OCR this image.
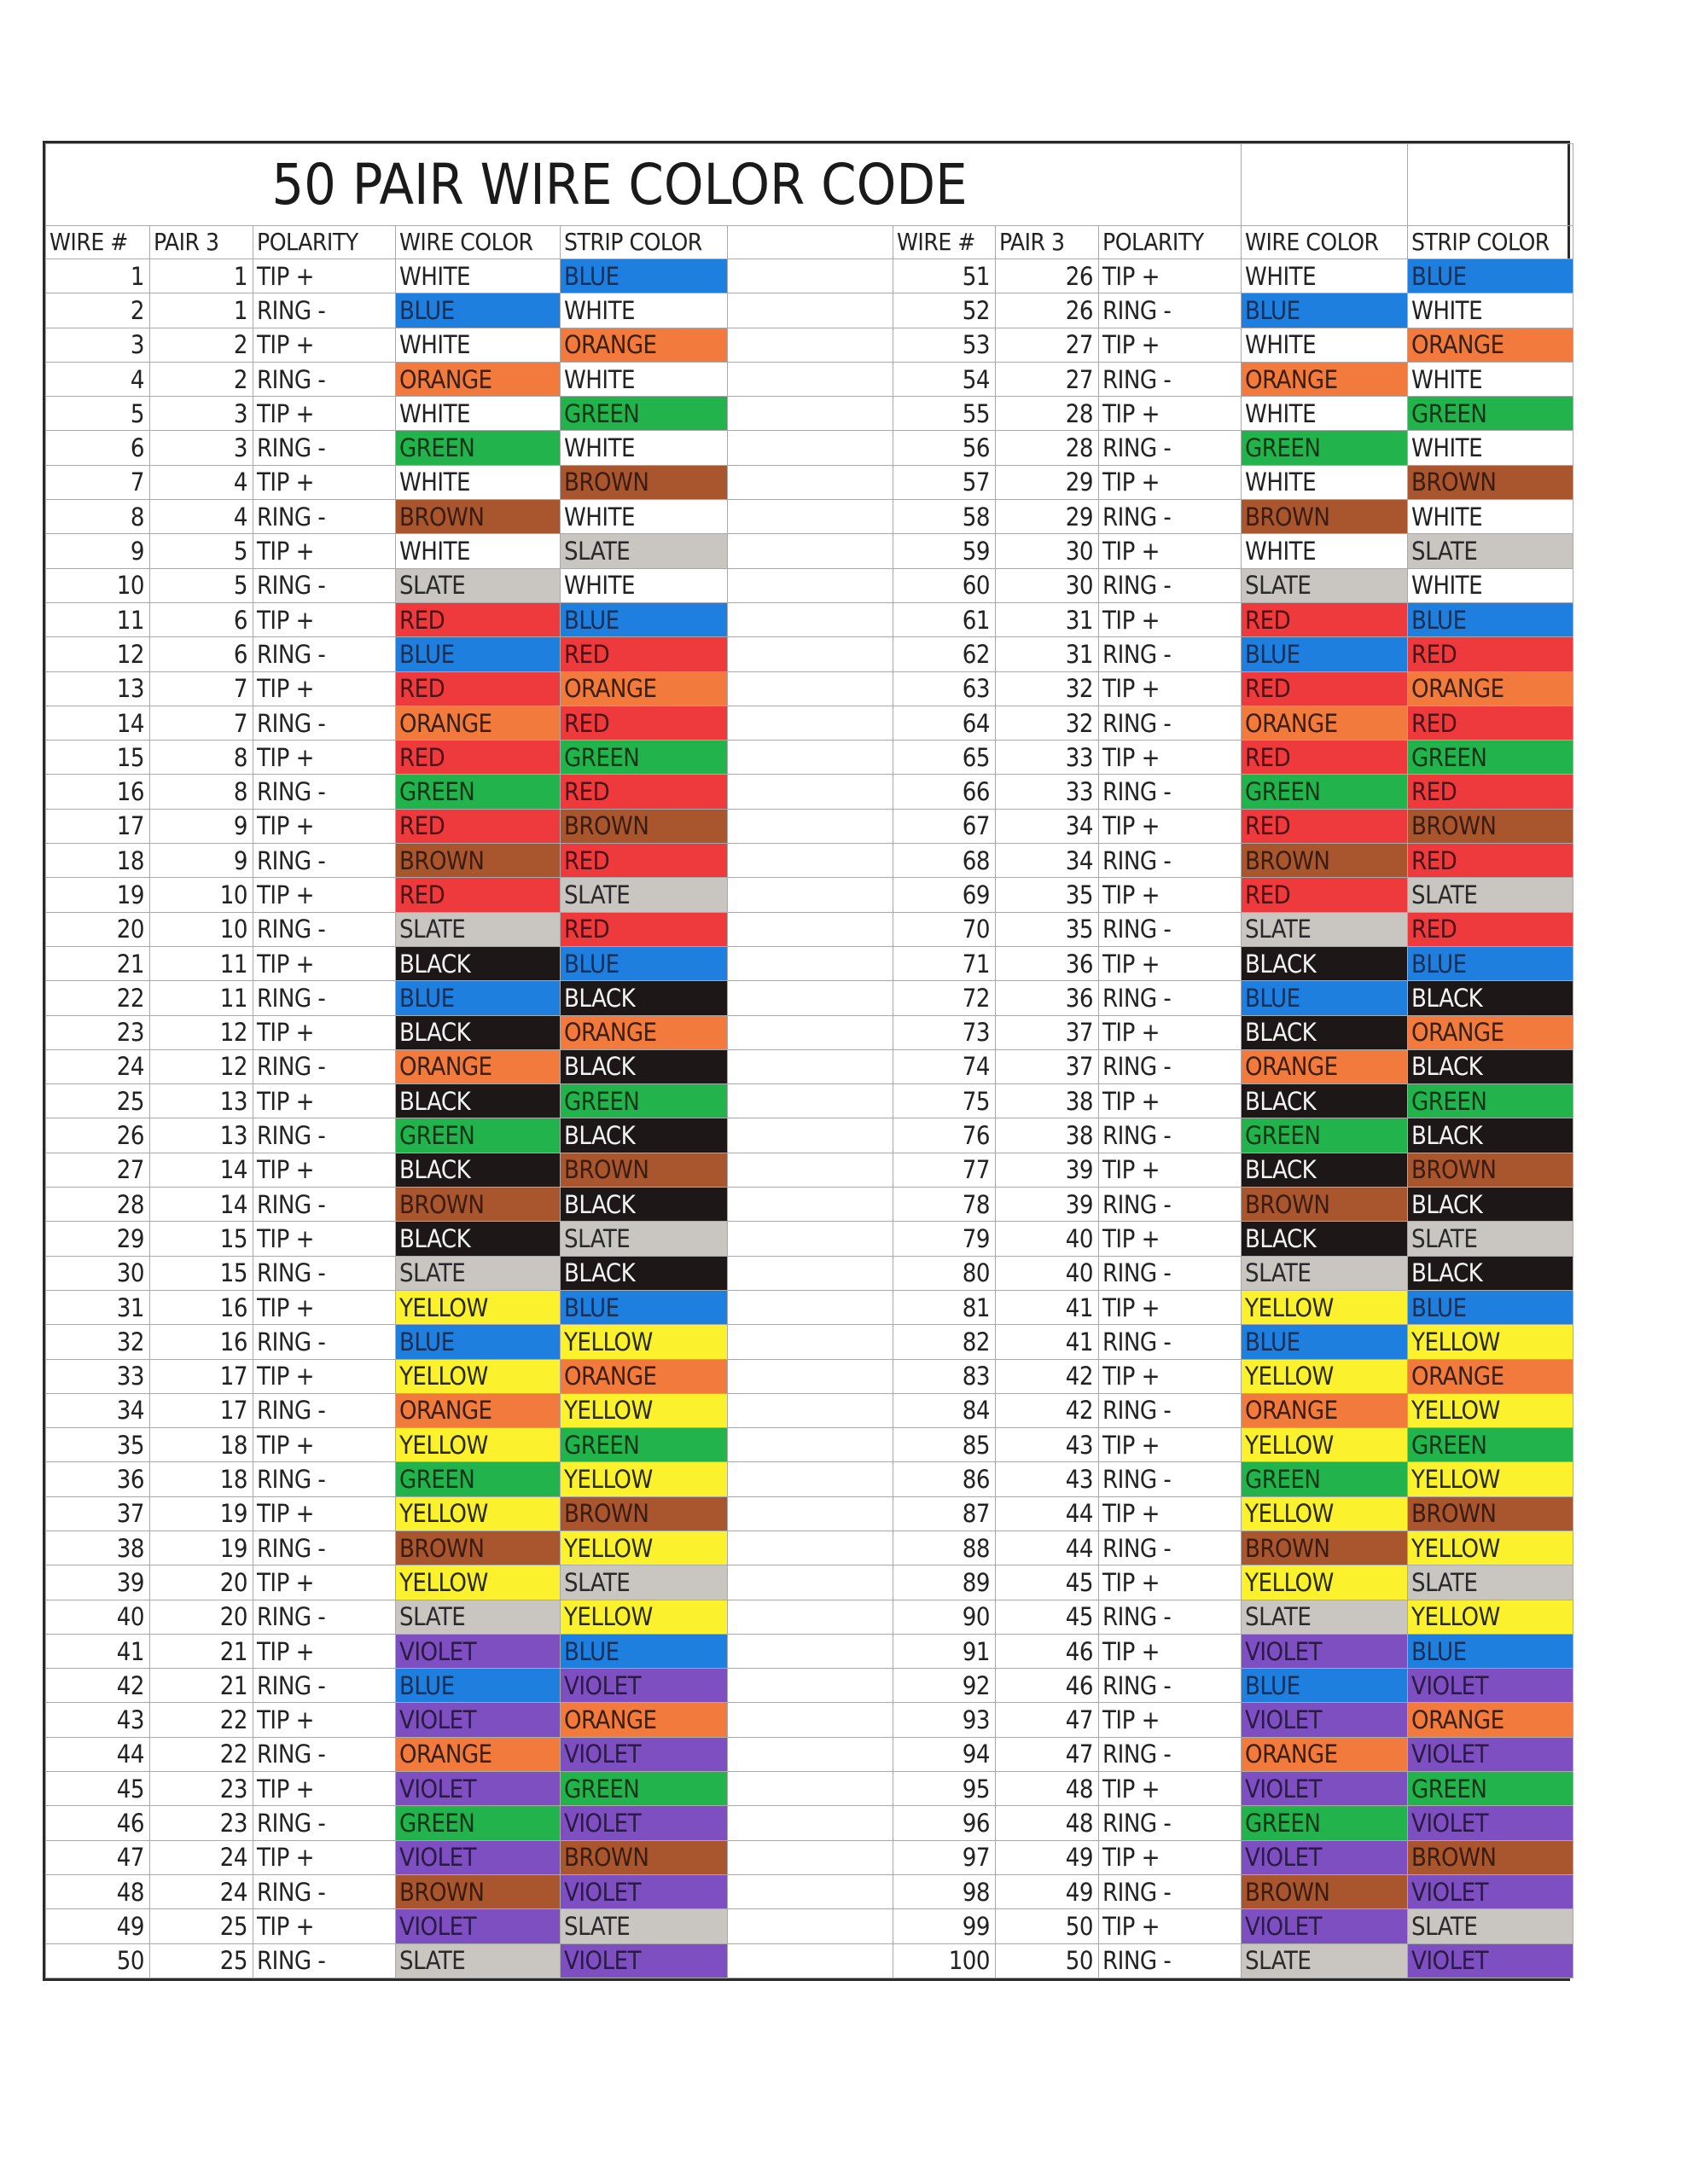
50 PAIR WIRE COLOR CODE										
WIRE #	PAIR 3	POLARITY	WIRE COLOR	STRIP COLOR		WIRE #	PAIR 3	POLARITY	WIRE COLOR	STRIP COLOR
1	1	TIP +	WHITE	BLUE		51	26	TIP +	WHITE	BLUE
2	1	RING -	BLUE	WHITE		52	26	RING -	BLUE	WHITE
3	2	TIP +	WHITE	ORANGE		53	27	TIP +	WHITE	ORANGE
4	2	RING -	ORANGE	WHITE		54	27	RING -	ORANGE	WHITE
5	3	TIP +	WHITE	GREEN		55	28	TIP +	WHITE	GREEN
6	3	RING -	GREEN	WHITE		56	28	RING -	GREEN	WHITE
7	4	TIP +	WHITE	BROWN		57	29	TIP +	WHITE	BROWN
8	4	RING -	BROWN	WHITE		58	29	RING -	BROWN	WHITE
9	5	TIP +	WHITE	SLATE		59	30	TIP +	WHITE	SLATE
10	5	RING -	SLATE	WHITE		60	30	RING -	SLATE	WHITE
11	6	TIP +	RED	BLUE		61	31	TIP +	RED	BLUE
12	6	RING -	BLUE	RED		62	31	RING -	BLUE	RED
13	7	TIP +	RED	ORANGE		63	32	TIP +	RED	ORANGE
14	7	RING -	ORANGE	RED		64	32	RING -	ORANGE	RED
15	8	TIP +	RED	GREEN		65	33	TIP +	RED	GREEN
16	8	RING -	GREEN	RED		66	33	RING -	GREEN	RED
17	9	TIP +	RED	BROWN		67	34	TIP +	RED	BROWN
18	9	RING -	BROWN	RED		68	34	RING -	BROWN	RED
19	10	TIP +	RED	SLATE		69	35	TIP +	RED	SLATE
20	10	RING -	SLATE	RED		70	35	RING -	SLATE	RED
21	11	TIP +	BLACK	BLUE		71	36	TIP +	BLACK	BLUE
22	11	RING -	BLUE	BLACK		72	36	RING -	BLUE	BLACK
23	12	TIP +	BLACK	ORANGE		73	37	TIP +	BLACK	ORANGE
24	12	RING -	ORANGE	BLACK		74	37	RING -	ORANGE	BLACK
25	13	TIP +	BLACK	GREEN		75	38	TIP +	BLACK	GREEN
26	13	RING -	GREEN	BLACK		76	38	RING -	GREEN	BLACK
27	14	TIP +	BLACK	BROWN		77	39	TIP +	BLACK	BROWN
28	14	RING -	BROWN	BLACK		78	39	RING -	BROWN	BLACK
29	15	TIP +	BLACK	SLATE		79	40	TIP +	BLACK	SLATE
30	15	RING -	SLATE	BLACK		80	40	RING -	SLATE	BLACK
31	16	TIP +	YELLOW	BLUE		81	41	TIP +	YELLOW	BLUE
32	16	RING -	BLUE	YELLOW		82	41	RING -	BLUE	YELLOW
33	17	TIP +	YELLOW	ORANGE		83	42	TIP +	YELLOW	ORANGE
34	17	RING -	ORANGE	YELLOW		84	42	RING -	ORANGE	YELLOW
35	18	TIP +	YELLOW	GREEN		85	43	TIP +	YELLOW	GREEN
36	18	RING -	GREEN	YELLOW		86	43	RING -	GREEN	YELLOW
37	19	TIP +	YELLOW	BROWN		87	44	TIP +	YELLOW	BROWN
38	19	RING -	BROWN	YELLOW		88	44	RING -	BROWN	YELLOW
39	20	TIP +	YELLOW	SLATE		89	45	TIP +	YELLOW	SLATE
40	20	RING -	SLATE	YELLOW		90	45	RING -	SLATE	YELLOW
41	21	TIP +	VIOLET	BLUE		91	46	TIP +	VIOLET	BLUE
42	21	RING -	BLUE	VIOLET		92	46	RING -	BLUE	VIOLET
43	22	TIP +	VIOLET	ORANGE		93	47	TIP +	VIOLET	ORANGE
44	22	RING -	ORANGE	VIOLET		94	47	RING -	ORANGE	VIOLET
45	23	TIP +	VIOLET	GREEN		95	48	TIP +	VIOLET	GREEN
46	23	RING -	GREEN	VIOLET		96	48	RING -	GREEN	VIOLET
47	24	TIP +	VIOLET	BROWN		97	49	TIP +	VIOLET	BROWN
48	24	RING -	BROWN	VIOLET		98	49	RING -	BROWN	VIOLET
49	25	TIP +	VIOLET	SLATE		99	50	TIP +	VIOLET	SLATE
50	25	RING -	SLATE	VIOLET		100	50	RING -	SLATE	VIOLET
